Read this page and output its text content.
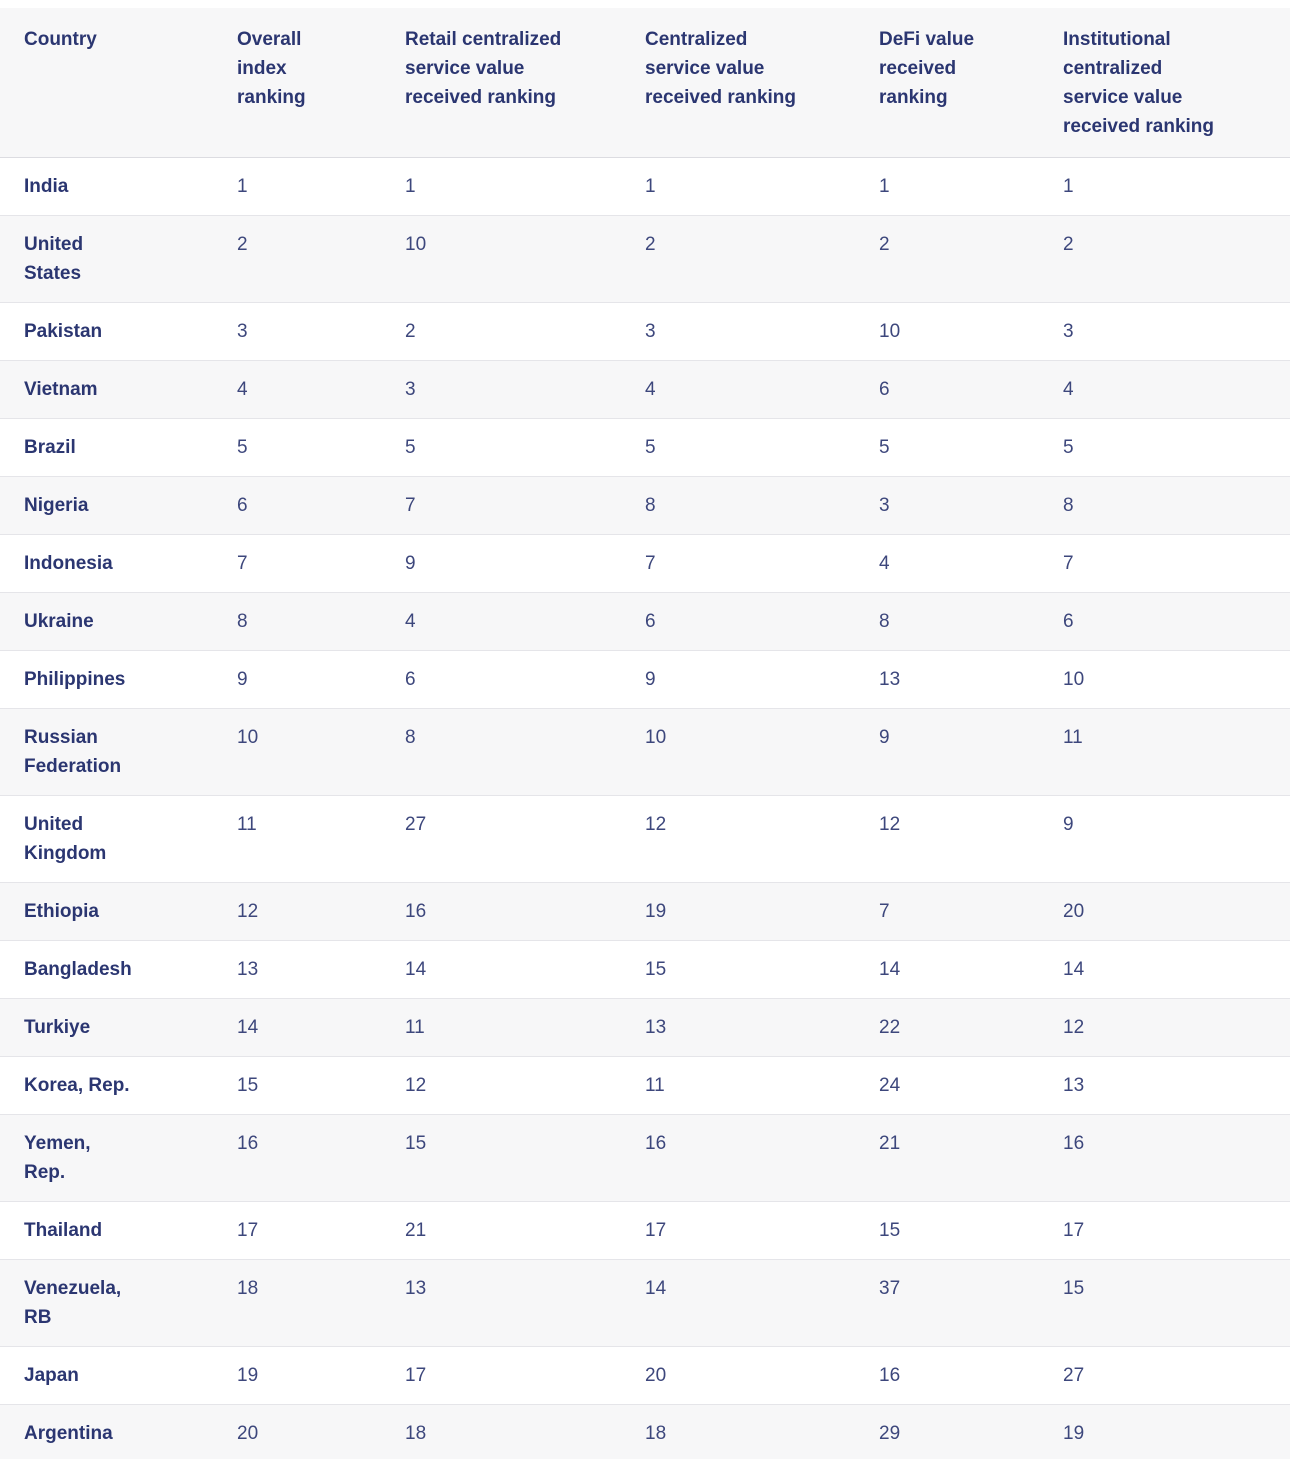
Country	Overall index ranking	Retail centralized service value received ranking	Centralized service value received ranking	DeFi value received ranking	Institutional centralized service value received ranking
India	1	1	1	1	1
United States	2	10	2	2	2
Pakistan	3	2	3	10	3
Vietnam	4	3	4	6	4
Brazil	5	5	5	5	5
Nigeria	6	7	8	3	8
Indonesia	7	9	7	4	7
Ukraine	8	4	6	8	6
Philippines	9	6	9	13	10
Russian Federation	10	8	10	9	11
United Kingdom	11	27	12	12	9
Ethiopia	12	16	19	7	20
Bangladesh	13	14	15	14	14
Turkiye	14	11	13	22	12
Korea, Rep.	15	12	11	24	13
Yemen, Rep.	16	15	16	21	16
Thailand	17	21	17	15	17
Venezuela, RB	18	13	14	37	15
Japan	19	17	20	16	27
Argentina	20	18	18	29	19
